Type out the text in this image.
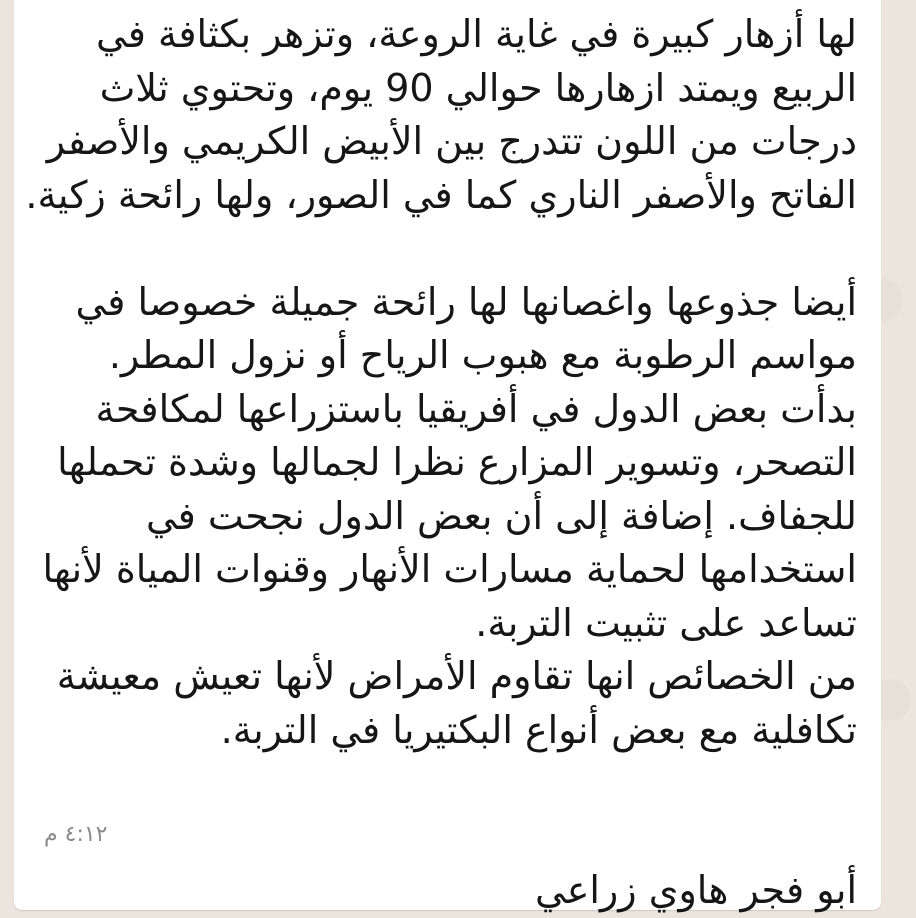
لها أزهار كبيرة في غاية الروعة، وتزهر بكثافة في الربيع ويمتد ازهارها حوالي 90 يوم، وتحتوي ثلاث درجات من اللون تتدرج بين الأبيض الكريمي والأصفر الفاتح والأصفر الناري كما في الصور، ولها رائحة زكية.

أيضا جذوعها واغصانها لها رائحة جميلة خصوصا في مواسم الرطوبة مع هبوب الرياح أو نزول المطر.
بدأت بعض الدول في أفريقيا باستزراعها لمكافحة التصحر، وتسوير المزارع نظرا لجمالها وشدة تحملها للجفاف. إضافة إلى أن بعض الدول نجحت في استخدامها لحماية مسارات الأنهار وقنوات المياة لأنها تساعد على تثبيت التربة.
من الخصائص انها تقاوم الأمراض لأنها تعيش معيشة تكافلية مع بعض أنواع البكتيريا في التربة.

أبو فجر هاوي زراعي

٤:١٢ م
